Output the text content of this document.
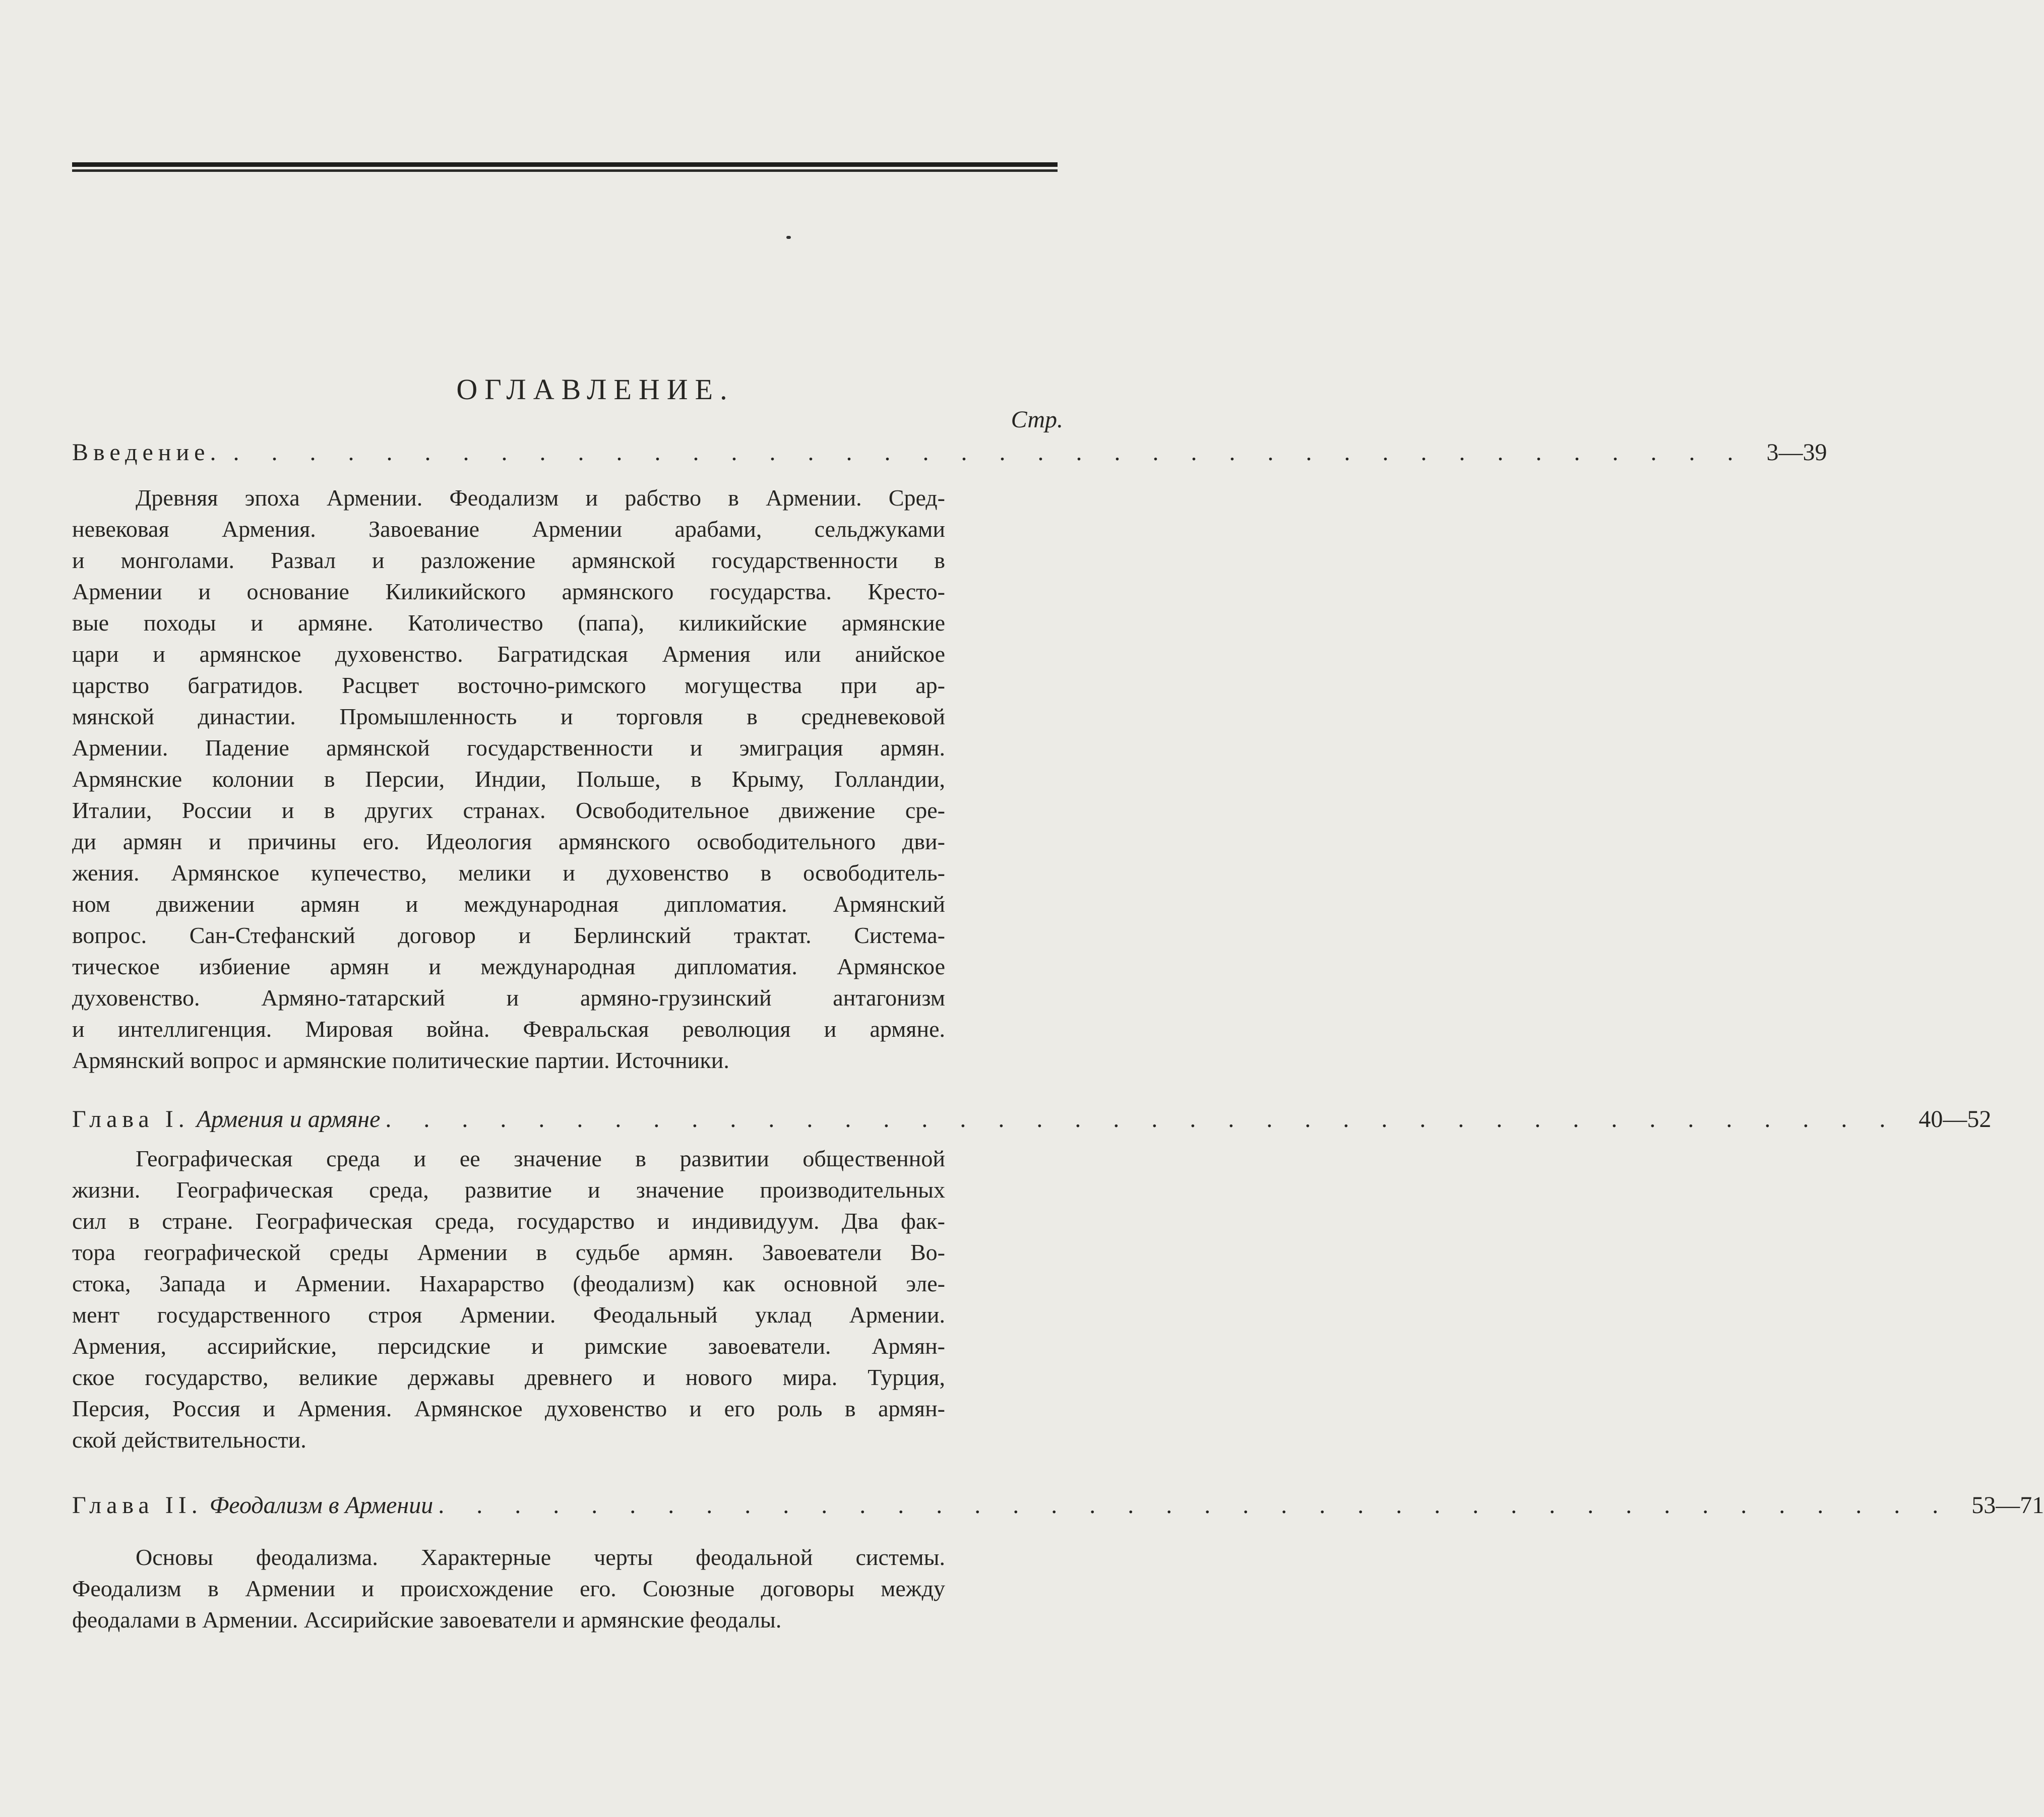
ОГЛАВЛЕНИЕ.
Стр.
Введение. . . . . . . . . . . . . . . . . . . . . . . . . . . . . . . . . . . . . . . . . 3—39
Древняя эпоха Армении. Феодализм и рабство в Армении. Сред-
невековая Армения. Завоевание Армении арабами, сельджуками
и монголами. Развал и разложение армянской государственности в
Армении и основание Киликийского армянского государства. Кресто-
вые походы и армяне. Католичество (папа), киликийские армянские
цари и армянское духовенство. Багратидская Армения или анийское
царство багратидов. Расцвет восточно-римского могущества при ар-
мянской династии. Промышленность и торговля в средневековой
Армении. Падение армянской государственности и эмиграция армян.
Армянские колонии в Персии, Индии, Польше, в Крыму, Голландии,
Италии, России и в других странах. Освободительное движение сре-
ди армян и причины его. Идеология армянского освободительного дви-
жения. Армянское купечество, мелики и духовенство в освободитель-
ном движении армян и международная дипломатия. Армянский
вопрос. Сан-Стефанский договор и Берлинский трактат. Система-
тическое избиение армян и международная дипломатия. Армянское
духовенство. Армяно-татарский и армяно-грузинский антагонизм
и интеллигенция. Мировая война. Февральская революция и армяне.
Армянский вопрос и армянские политические партии. Источники.
Глава I. Армения и армяне . . . . . . . . . . . . . . . . . . . . . . . . . . . . . . . . . . . . . . . . 40—52
Географическая среда и ее значение в развитии общественной
жизни. Географическая среда, развитие и значение производительных
сил в стране. Географическая среда, государство и индивидуум. Два фак-
тора географической среды Армении в судьбе армян. Завоеватели Во-
стока, Запада и Армении. Нахарарство (феодализм) как основной эле-
мент государственного строя Армении. Феодальный уклад Армении.
Армения, ассирийские, персидские и римские завоеватели. Армян-
ское государство, великие державы древнего и нового мира. Турция,
Персия, Россия и Армения. Армянское духовенство и его роль в армян-
ской действительности.
Глава II. Феодализм в Армении . . . . . . . . . . . . . . . . . . . . . . . . . . . . . . . . . . . . . . . . 53—71
Основы феодализма. Характерные черты феодальной системы.
Феодализм в Армении и происхождение его. Союзные договоры между
феодалами в Армении. Ассирийские завоеватели и армянские феодалы.
